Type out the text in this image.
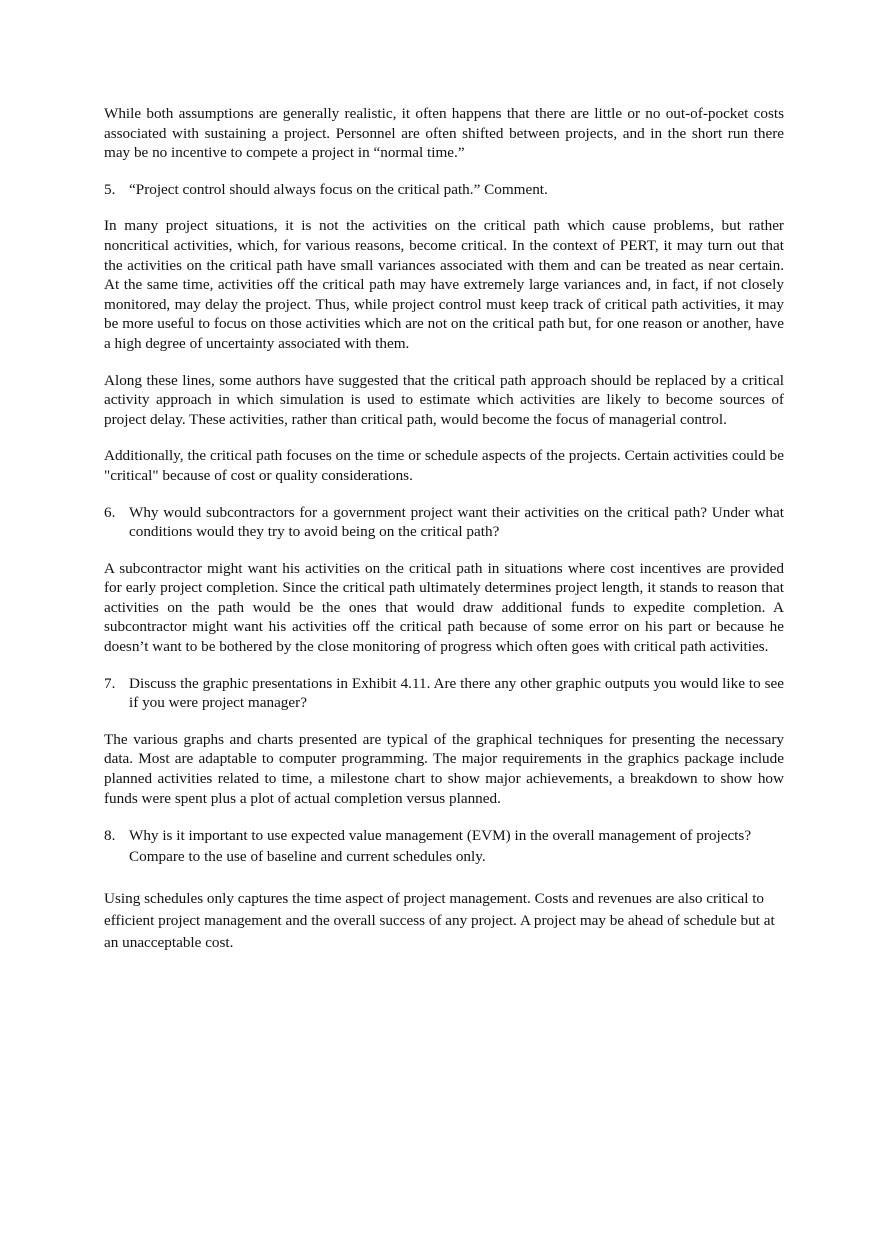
While both assumptions are generally realistic, it often happens that there are little or no out-of-pocket costs associated with sustaining a project. Personnel are often shifted between projects, and in the short run there may be no incentive to compete a project in “normal time.”

5. “Project control should always focus on the critical path.” Comment.

In many project situations, it is not the activities on the critical path which cause problems, but rather noncritical activities, which, for various reasons, become critical. In the context of PERT, it may turn out that the activities on the critical path have small variances associated with them and can be treated as near certain. At the same time, activities off the critical path may have extremely large variances and, in fact, if not closely monitored, may delay the project. Thus, while project control must keep track of critical path activities, it may be more useful to focus on those activities which are not on the critical path but, for one reason or another, have a high degree of uncertainty associated with them.

Along these lines, some authors have suggested that the critical path approach should be replaced by a critical activity approach in which simulation is used to estimate which activities are likely to become sources of project delay. These activities, rather than critical path, would become the focus of managerial control.

Additionally, the critical path focuses on the time or schedule aspects of the projects. Certain activities could be "critical" because of cost or quality considerations.

6. Why would subcontractors for a government project want their activities on the critical path? Under what conditions would they try to avoid being on the critical path?

A subcontractor might want his activities on the critical path in situations where cost incentives are provided for early project completion. Since the critical path ultimately determines project length, it stands to reason that activities on the path would be the ones that would draw additional funds to expedite completion. A subcontractor might want his activities off the critical path because of some error on his part or because he doesn’t want to be bothered by the close monitoring of progress which often goes with critical path activities.

7. Discuss the graphic presentations in Exhibit 4.11. Are there any other graphic outputs you would like to see if you were project manager?

The various graphs and charts presented are typical of the graphical techniques for presenting the necessary data. Most are adaptable to computer programming. The major requirements in the graphics package include planned activities related to time, a milestone chart to show major achievements, a breakdown to show how funds were spent plus a plot of actual completion versus planned.

8. Why is it important to use expected value management (EVM) in the overall management of projects? Compare to the use of baseline and current schedules only.

Using schedules only captures the time aspect of project management. Costs and revenues are also critical to efficient project management and the overall success of any project. A project may be ahead of schedule but at an unacceptable cost.
